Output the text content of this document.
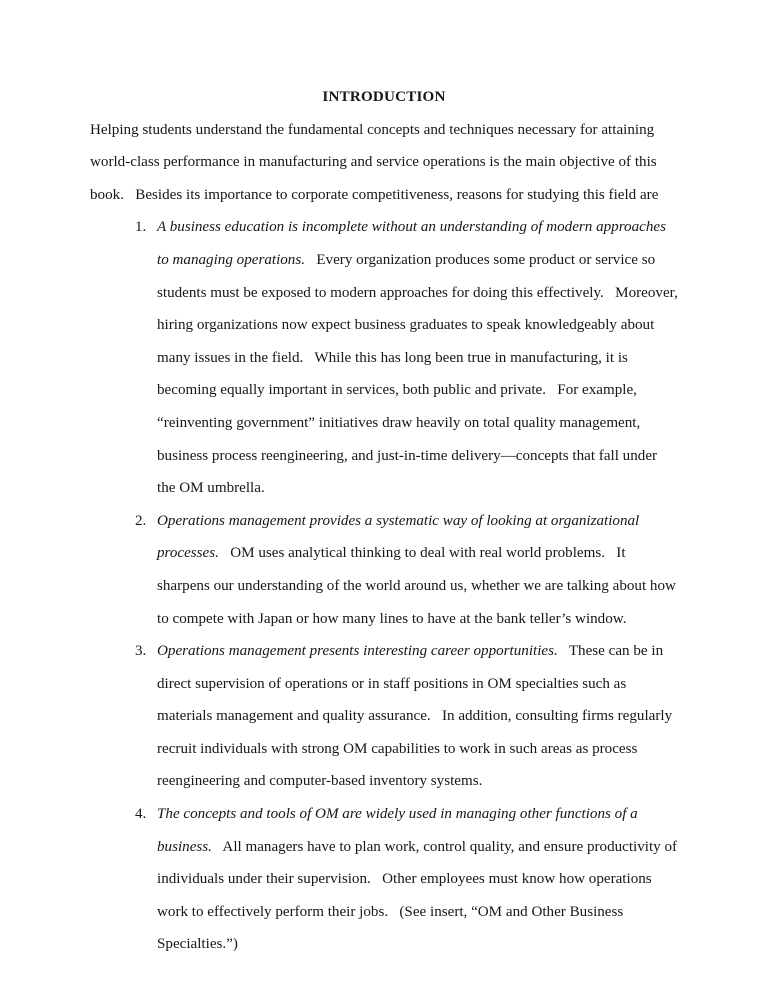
INTRODUCTION

Helping students understand the fundamental concepts and techniques necessary for attaining world-class performance in manufacturing and service operations is the main objective of this book.   Besides its importance to corporate competitiveness, reasons for studying this field are

1. A business education is incomplete without an understanding of modern approaches to managing operations.   Every organization produces some product or service so students must be exposed to modern approaches for doing this effectively.   Moreover, hiring organizations now expect business graduates to speak knowledgeably about many issues in the field.   While this has long been true in manufacturing, it is becoming equally important in services, both public and private.   For example, “reinventing government” initiatives draw heavily on total quality management, business process reengineering, and just-in-time delivery—concepts that fall under the OM umbrella.
2. Operations management provides a systematic way of looking at organizational processes.   OM uses analytical thinking to deal with real world problems.   It sharpens our understanding of the world around us, whether we are talking about how to compete with Japan or how many lines to have at the bank teller’s window.
3. Operations management presents interesting career opportunities.   These can be in direct supervision of operations or in staff positions in OM specialties such as materials management and quality assurance.   In addition, consulting firms regularly recruit individuals with strong OM capabilities to work in such areas as process reengineering and computer-based inventory systems.
4. The concepts and tools of OM are widely used in managing other functions of a business.   All managers have to plan work, control quality, and ensure productivity of individuals under their supervision.   Other employees must know how operations work to effectively perform their jobs.   (See insert, “OM and Other Business Specialties.”)
